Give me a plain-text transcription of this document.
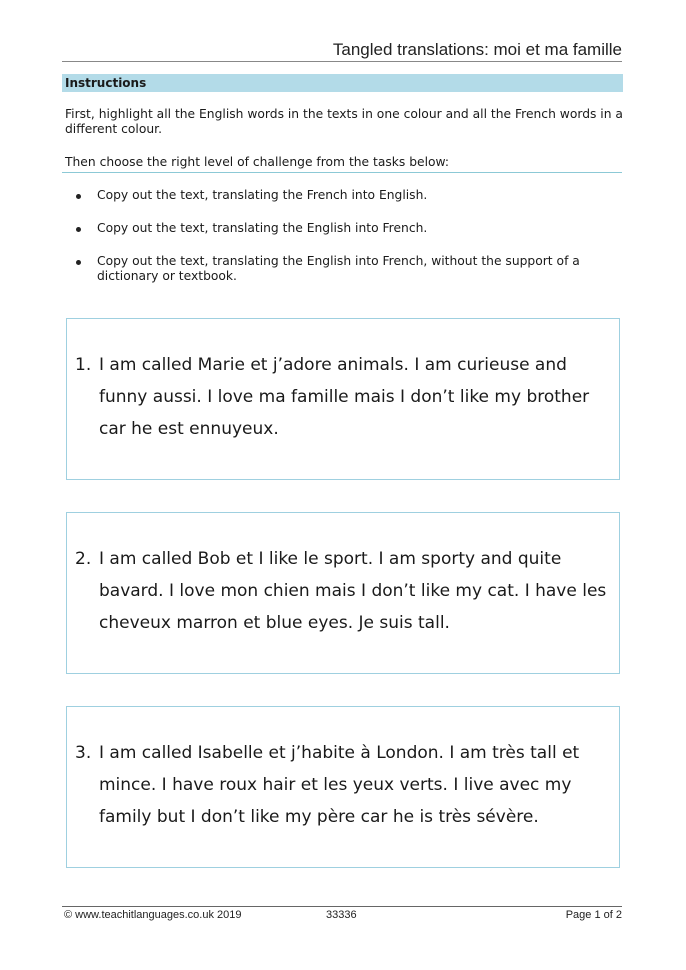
Tangled translations: moi et ma famille
Instructions
First, highlight all the English words in the texts in one colour and all the French words in a different colour.
Then choose the right level of challenge from the tasks below:
Copy out the text, translating the French into English.
Copy out the text, translating the English into French.
Copy out the text, translating the English into French, without the support of a dictionary or textbook.
1. I am called Marie et j’adore animals. I am curieuse and funny aussi. I love ma famille mais I don’t like my brother car he est ennuyeux.
2. I am called Bob et I like le sport. I am sporty and quite bavard. I love mon chien mais I don’t like my cat. I have les cheveux marron et blue eyes. Je suis tall.
3. I am called Isabelle et j’habite à London. I am très tall et mince. I have roux hair et les yeux verts. I live avec my family but I don’t like my père car he is très sévère.
© www.teachitlanguages.co.uk 2019	33336	Page 1 of 2
